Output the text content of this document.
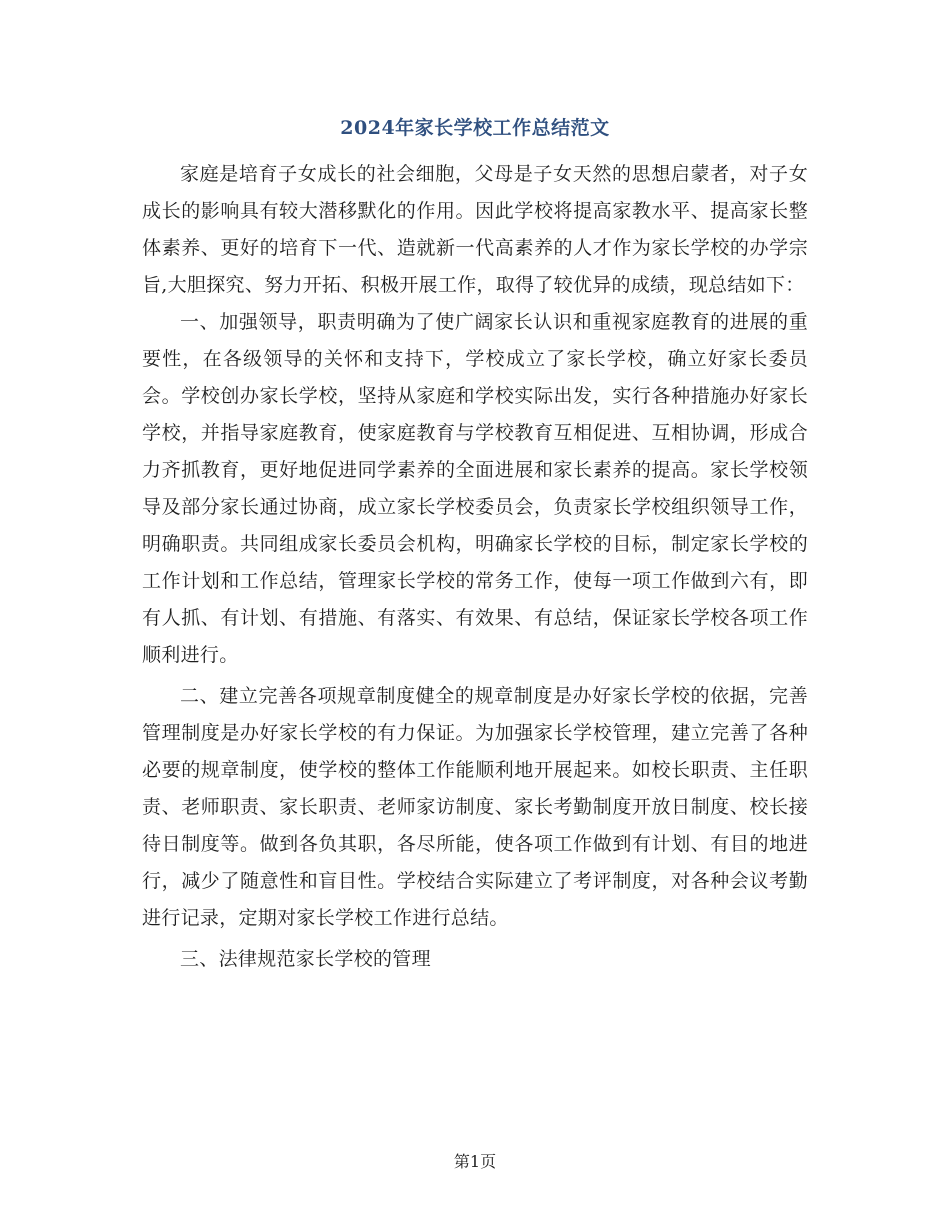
2024年家长学校工作总结范文

家庭是培育子女成长的社会细胞，父母是子女天然的思想启蒙者，对子女成长的影响具有较大潜移默化的作用。因此学校将提高家教水平、提高家长整体素养、更好的培育下一代、造就新一代高素养的人才作为家长学校的办学宗旨,大胆探究、努力开拓、积极开展工作，取得了较优异的成绩，现总结如下：

一、加强领导，职责明确为了使广阔家长认识和重视家庭教育的进展的重要性，在各级领导的关怀和支持下，学校成立了家长学校，确立好家长委员会。学校创办家长学校，坚持从家庭和学校实际出发，实行各种措施办好家长学校，并指导家庭教育，使家庭教育与学校教育互相促进、互相协调，形成合力齐抓教育，更好地促进同学素养的全面进展和家长素养的提高。家长学校领导及部分家长通过协商，成立家长学校委员会，负责家长学校组织领导工作，明确职责。共同组成家长委员会机构，明确家长学校的目标，制定家长学校的工作计划和工作总结，管理家长学校的常务工作，使每一项工作做到六有，即有人抓、有计划、有措施、有落实、有效果、有总结，保证家长学校各项工作顺利进行。

二、建立完善各项规章制度健全的规章制度是办好家长学校的依据，完善管理制度是办好家长学校的有力保证。为加强家长学校管理，建立完善了各种必要的规章制度，使学校的整体工作能顺利地开展起来。如校长职责、主任职责、老师职责、家长职责、老师家访制度、家长考勤制度开放日制度、校长接待日制度等。做到各负其职，各尽所能，使各项工作做到有计划、有目的地进行，减少了随意性和盲目性。学校结合实际建立了考评制度，对各种会议考勤进行记录，定期对家长学校工作进行总结。

三、法律规范家长学校的管理

第1页
